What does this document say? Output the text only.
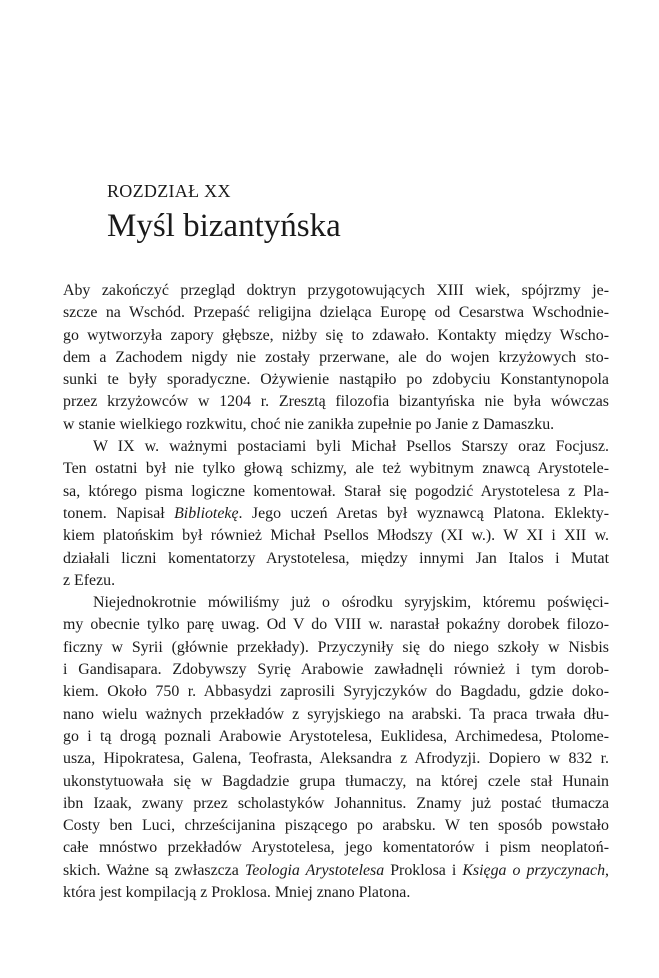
ROZDZIAŁ XX
Myśl bizantyńska
Aby zakończyć przegląd doktryn przygotowujących XIII wiek, spójrzmy je-
szcze na Wschód. Przepaść religijna dzieląca Europę od Cesarstwa Wschodnie-
go wytworzyła zapory głębsze, niżby się to zdawało. Kontakty między Wscho-
dem a Zachodem nigdy nie zostały przerwane, ale do wojen krzyżowych sto-
sunki te były sporadyczne. Ożywienie nastąpiło po zdobyciu Konstantynopola
przez krzyżowców w 1204 r. Zresztą filozofia bizantyńska nie była wówczas
w stanie wielkiego rozkwitu, choć nie zanikła zupełnie po Janie z Damaszku.
W IX w. ważnymi postaciami byli Michał Psellos Starszy oraz Focjusz.
Ten ostatni był nie tylko głową schizmy, ale też wybitnym znawcą Arystotele-
sa, którego pisma logiczne komentował. Starał się pogodzić Arystotelesa z Pla-
tonem. Napisał Bibliotekę. Jego uczeń Aretas był wyznawcą Platona. Eklekty-
kiem platońskim był również Michał Psellos Młodszy (XI w.). W XI i XII w.
działali liczni komentatorzy Arystotelesa, między innymi Jan Italos i Mutat
z Efezu.
Niejednokrotnie mówiliśmy już o ośrodku syryjskim, któremu poświęci-
my obecnie tylko parę uwag. Od V do VIII w. narastał pokaźny dorobek filozo-
ficzny w Syrii (głównie przekłady). Przyczyniły się do niego szkoły w Nisbis
i Gandisapara. Zdobywszy Syrię Arabowie zawładnęli również i tym dorob-
kiem. Około 750 r. Abbasydzi zaprosili Syryjczyków do Bagdadu, gdzie doko-
nano wielu ważnych przekładów z syryjskiego na arabski. Ta praca trwała dłu-
go i tą drogą poznali Arabowie Arystotelesa, Euklidesa, Archimedesa, Ptolome-
usza, Hipokratesa, Galena, Teofrasta, Aleksandra z Afrodyzji. Dopiero w 832 r.
ukonstytuowała się w Bagdadzie grupa tłumaczy, na której czele stał Hunain
ibn Izaak, zwany przez scholastyków Johannitus. Znamy już postać tłumacza
Costy ben Luci, chrześcijanina piszącego po arabsku. W ten sposób powstało
całe mnóstwo przekładów Arystotelesa, jego komentatorów i pism neoplatoń-
skich. Ważne są zwłaszcza Teologia Arystotelesa Proklosa i Księga o przyczynach,
która jest kompilacją z Proklosa. Mniej znano Platona.
